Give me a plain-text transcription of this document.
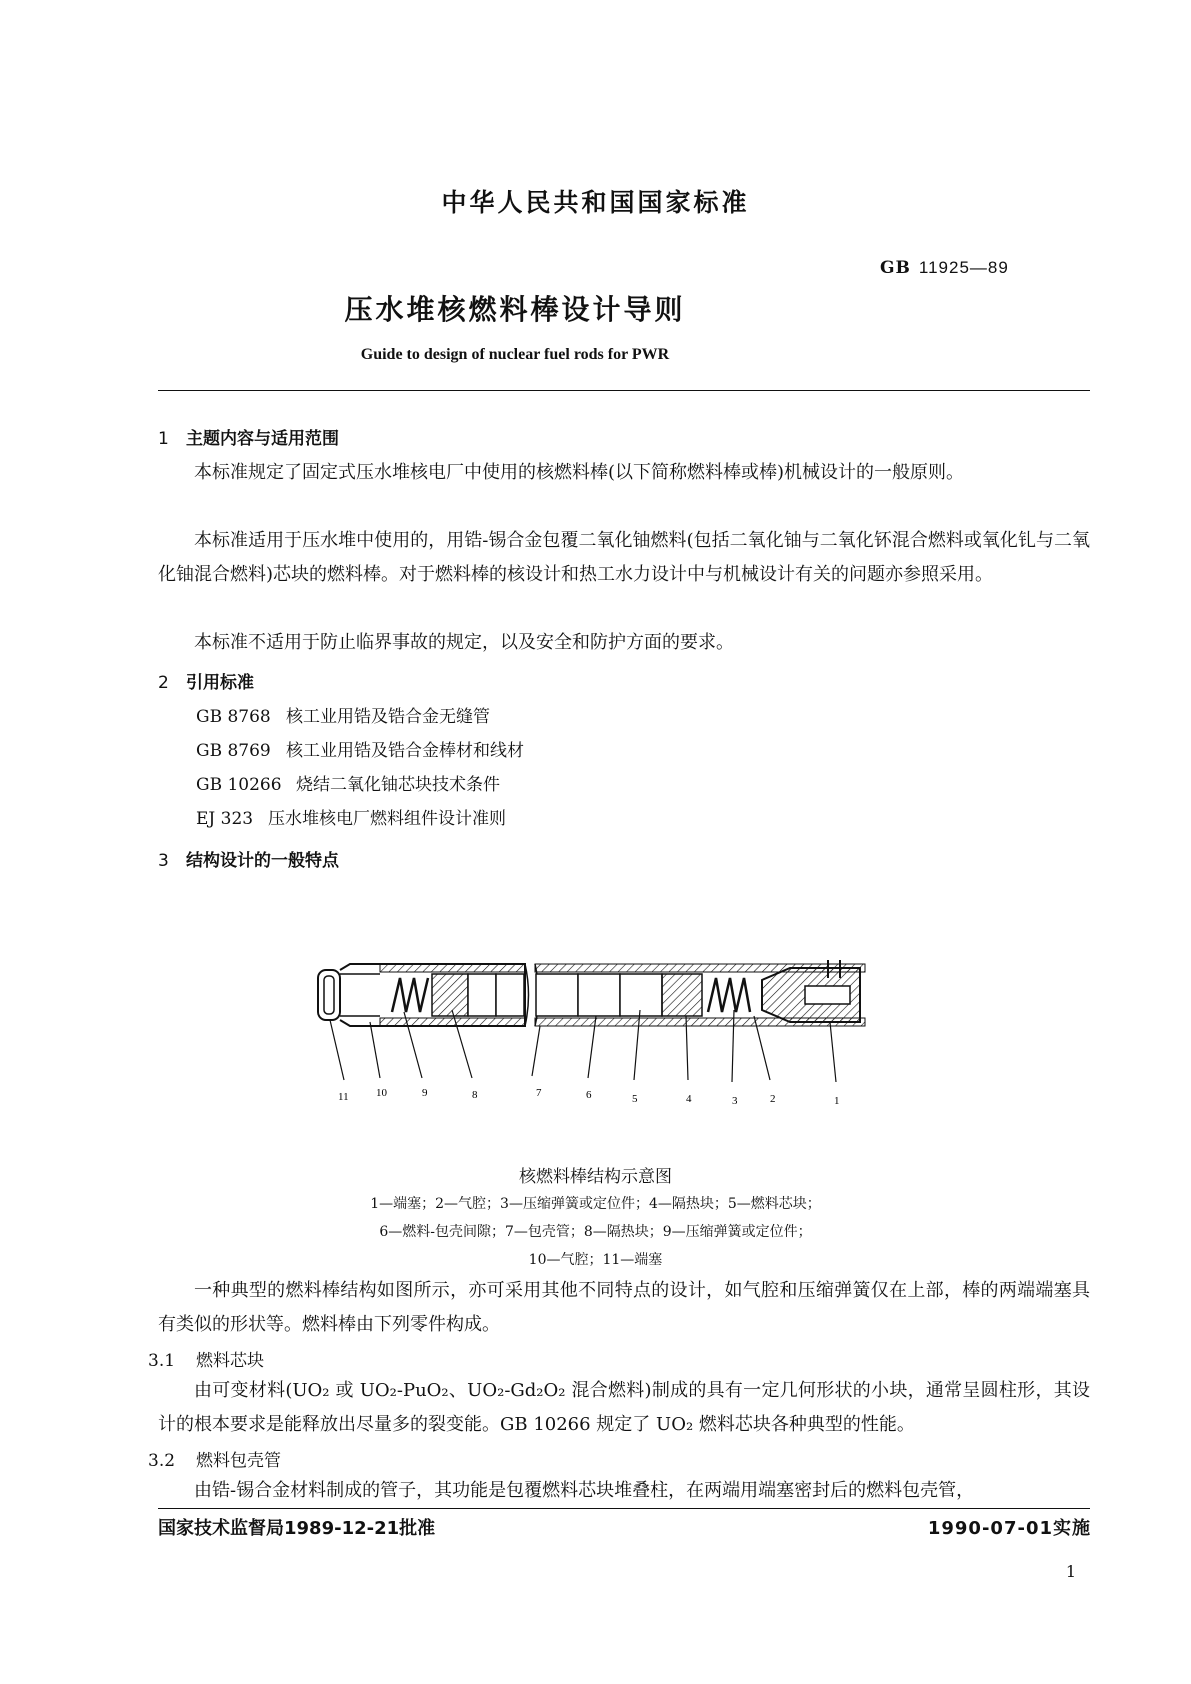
中华人民共和国国家标准
GB 11925—89
压水堆核燃料棒设计导则
Guide to design of nuclear fuel rods for PWR
1 主题内容与适用范围
本标准规定了固定式压水堆核电厂中使用的核燃料棒(以下简称燃料棒或棒)机械设计的一般原则。
本标准适用于压水堆中使用的，用锆-锡合金包覆二氧化铀燃料(包括二氧化铀与二氧化钚混合燃料或氧化钆与二氧化铀混合燃料)芯块的燃料棒。对于燃料棒的核设计和热工水力设计中与机械设计有关的问题亦参照采用。
本标准不适用于防止临界事故的规定，以及安全和防护方面的要求。
2 引用标准
GB 8768 核工业用锆及锆合金无缝管
GB 8769 核工业用锆及锆合金棒材和线材
GB 10266 烧结二氧化铀芯块技术条件
EJ 323 压水堆核电厂燃料组件设计准则
3 结构设计的一般特点
11 10	9	8	7	6	5	4	3	2	1
核燃料棒结构示意图
1—端塞；2—气腔；3—压缩弹簧或定位件；4—隔热块；5—燃料芯块；
6—燃料-包壳间隙；7—包壳管；8—隔热块；9—压缩弹簧或定位件；
10—气腔；11—端塞
一种典型的燃料棒结构如图所示，亦可采用其他不同特点的设计，如气腔和压缩弹簧仅在上部，棒的两端端塞具有类似的形状等。燃料棒由下列零件构成。
3.1 燃料芯块
由可变材料(UO₂ 或 UO₂-PuO₂、UO₂-Gd₂O₂ 混合燃料)制成的具有一定几何形状的小块，通常呈圆柱形，其设计的根本要求是能释放出尽量多的裂变能。GB 10266 规定了 UO₂ 燃料芯块各种典型的性能。
3.2 燃料包壳管
由锆-锡合金材料制成的管子，其功能是包覆燃料芯块堆叠柱，在两端用端塞密封后的燃料包壳管，
国家技术监督局1989-12-21批准	1990-07-01实施
1
